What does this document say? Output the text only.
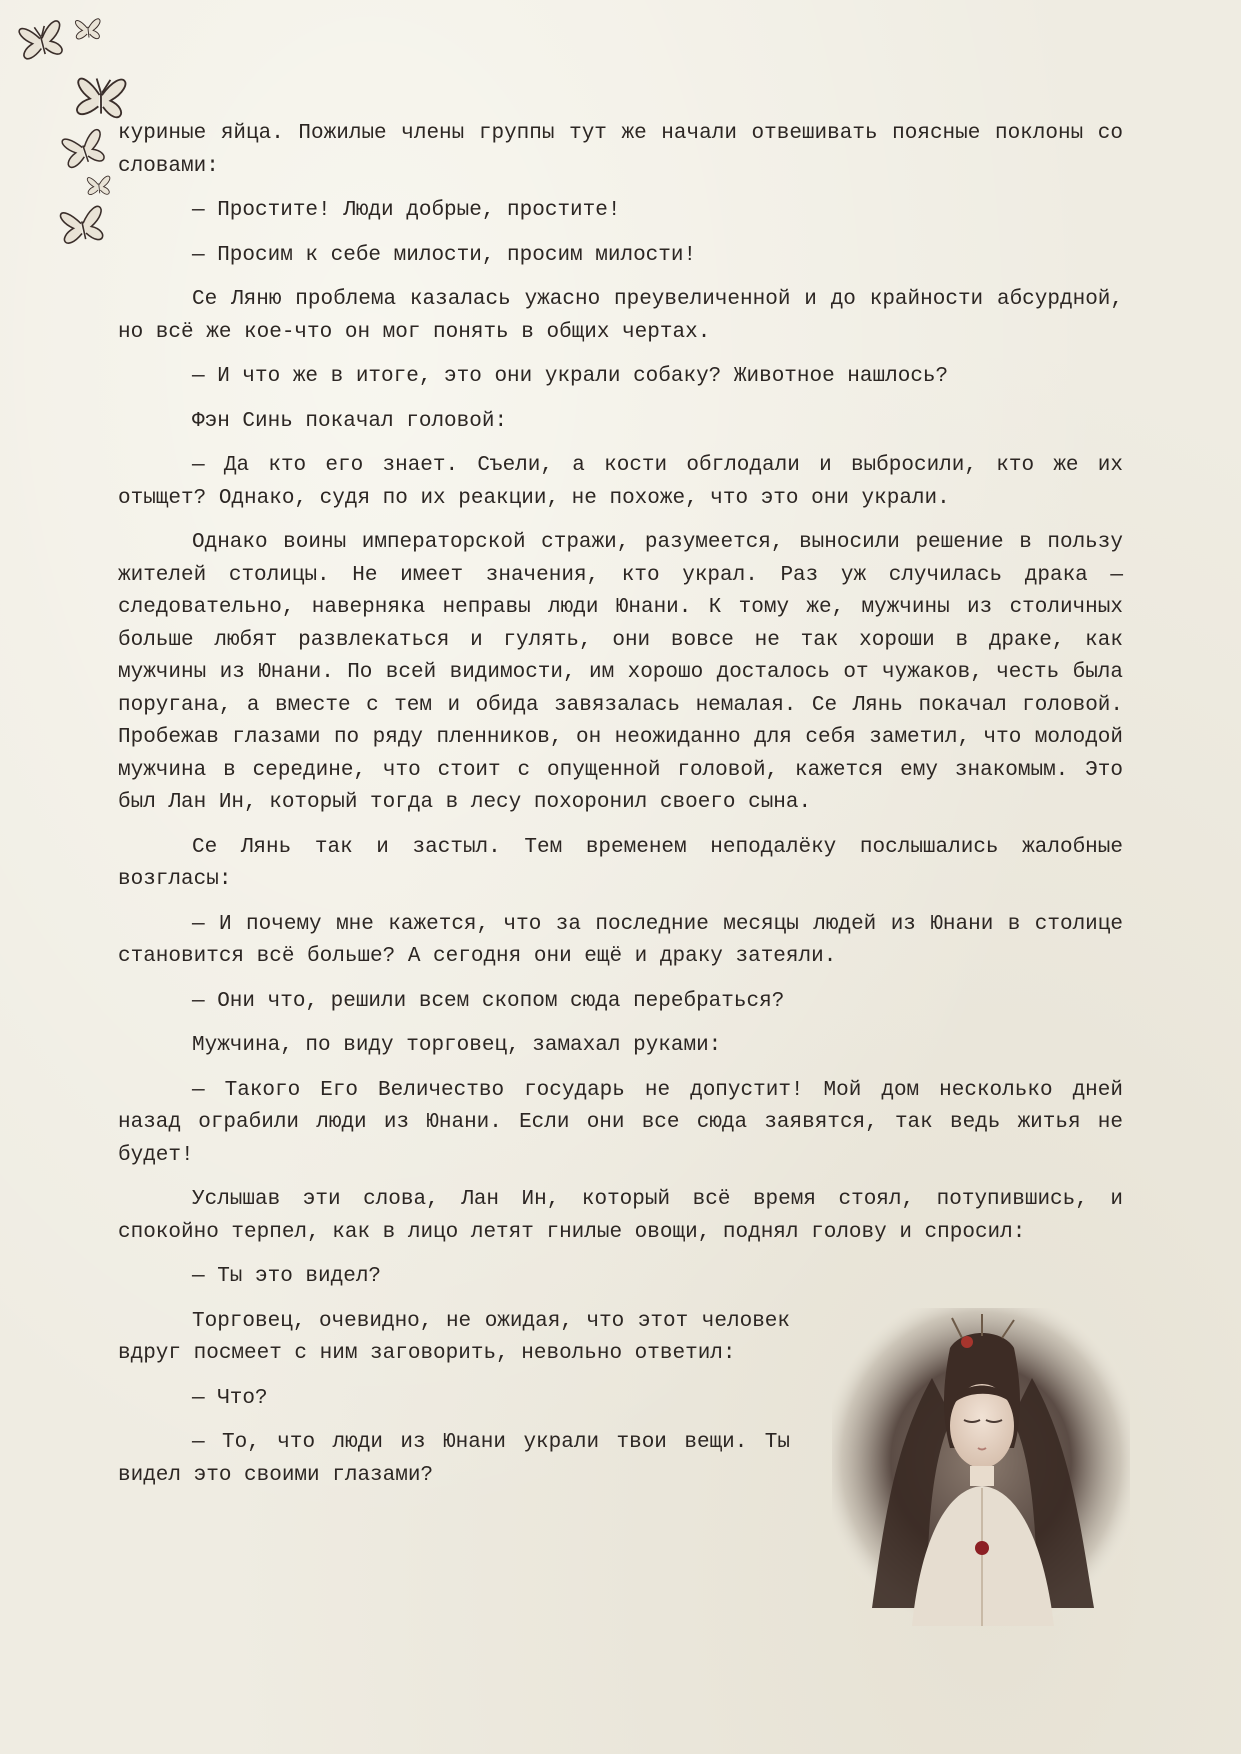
куриные яйца. Пожилые члены группы тут же начали отвешивать поясные поклоны со словами:

— Простите! Люди добрые, простите!

— Просим к себе милости, просим милости!

Се Ляню проблема казалась ужасно преувеличенной и до крайности абсурдной, но всё же кое-что он мог понять в общих чертах.

— И что же в итоге, это они украли собаку? Животное нашлось?

Фэн Синь покачал головой:

— Да кто его знает. Съели, а кости обглодали и выбросили, кто же их отыщет? Однако, судя по их реакции, не похоже, что это они украли.

Однако воины императорской стражи, разумеется, выносили решение в пользу жителей столицы. Не имеет значения, кто украл. Раз уж случилась драка — следовательно, наверняка неправы люди Юнани. К тому же, мужчины из столичных больше любят развлекаться и гулять, они вовсе не так хороши в драке, как мужчины из Юнани. По всей видимости, им хорошо досталось от чужаков, честь была поругана, а вместе с тем и обида завязалась немалая. Се Лянь покачал головой. Пробежав глазами по ряду пленников, он неожиданно для себя заметил, что молодой мужчина в середине, что стоит с опущенной головой, кажется ему знакомым. Это был Лан Ин, который тогда в лесу похоронил своего сына.

Се Лянь так и застыл. Тем временем неподалёку послышались жалобные возгласы:

— И почему мне кажется, что за последние месяцы людей из Юнани в столице становится всё больше? А сегодня они ещё и драку затеяли.

— Они что, решили всем скопом сюда перебраться?

Мужчина, по виду торговец, замахал руками:

— Такого Его Величество государь не допустит! Мой дом несколько дней назад ограбили люди из Юнани. Если они все сюда заявятся, так ведь житья не будет!

Услышав эти слова, Лан Ин, который всё время стоял, потупившись, и спокойно терпел, как в лицо летят гнилые овощи, поднял голову и спросил:

— Ты это видел?

Торговец, очевидно, не ожидая, что этот человек вдруг посмеет с ним заговорить, невольно ответил:

— Что?

— То, что люди из Юнани украли твои вещи. Ты видел это своими глазами?
